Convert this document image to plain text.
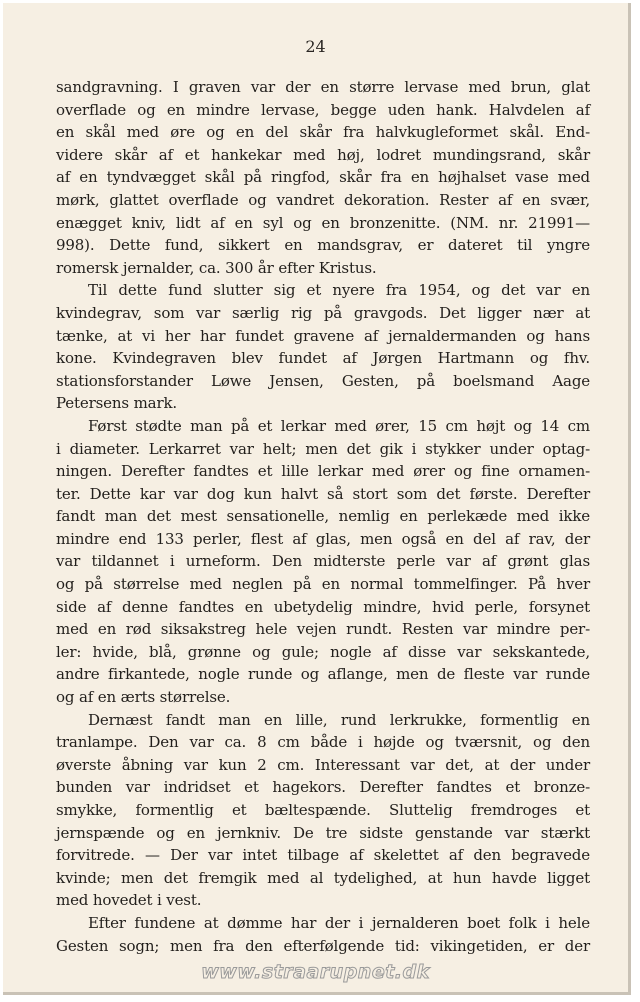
24
sandgravning. I graven var der en større lervase med brun, glat
overflade og en mindre lervase, begge uden hank. Halvdelen af
en skål med øre og en del skår fra halvkugleformet skål. End-
videre skår af et hankekar med høj, lodret mundingsrand, skår
af en tyndvægget skål på ringfod, skår fra en højhalset vase med
mørk, glattet overflade og vandret dekoration. Rester af en svær,
enægget kniv, lidt af en syl og en bronzenitte. (NM. nr. 21991—
998). Dette fund, sikkert en mandsgrav, er dateret til yngre
romersk jernalder, ca. 300 år efter Kristus.
Til dette fund slutter sig et nyere fra 1954, og det var en
kvindegrav, som var særlig rig på gravgods. Det ligger nær at
tænke, at vi her har fundet gravene af jernaldermanden og hans
kone. Kvindegraven blev fundet af Jørgen Hartmann og fhv.
stationsforstander Løwe Jensen, Gesten, på boelsmand Aage
Petersens mark.
Først stødte man på et lerkar med ører, 15 cm højt og 14 cm
i diameter. Lerkarret var helt; men det gik i stykker under optag-
ningen. Derefter fandtes et lille lerkar med ører og fine ornamen-
ter. Dette kar var dog kun halvt så stort som det første. Derefter
fandt man det mest sensationelle, nemlig en perlekæde med ikke
mindre end 133 perler, flest af glas, men også en del af rav, der
var tildannet i urneform. Den midterste perle var af grønt glas
og på størrelse med neglen på en normal tommelfinger. På hver
side af denne fandtes en ubetydelig mindre, hvid perle, forsynet
med en rød siksakstreg hele vejen rundt. Resten var mindre per-
ler: hvide, blå, grønne og gule; nogle af disse var sekskantede,
andre firkantede, nogle runde og aflange, men de fleste var runde
og af en ærts størrelse.
Dernæst fandt man en lille, rund lerkrukke, formentlig en
tranlampe. Den var ca. 8 cm både i højde og tværsnit, og den
øverste åbning var kun 2 cm. Interessant var det, at der under
bunden var indridset et hagekors. Derefter fandtes et bronze-
smykke, formentlig et bæltespænde. Sluttelig fremdroges et
jernspænde og en jernkniv. De tre sidste genstande var stærkt
forvitrede. — Der var intet tilbage af skelettet af den begravede
kvinde; men det fremgik med al tydelighed, at hun havde ligget
med hovedet i vest.
Efter fundene at dømme har der i jernalderen boet folk i hele
Gesten sogn; men fra den efterfølgende tid: vikingetiden, er der
www.straarupnet.dk
